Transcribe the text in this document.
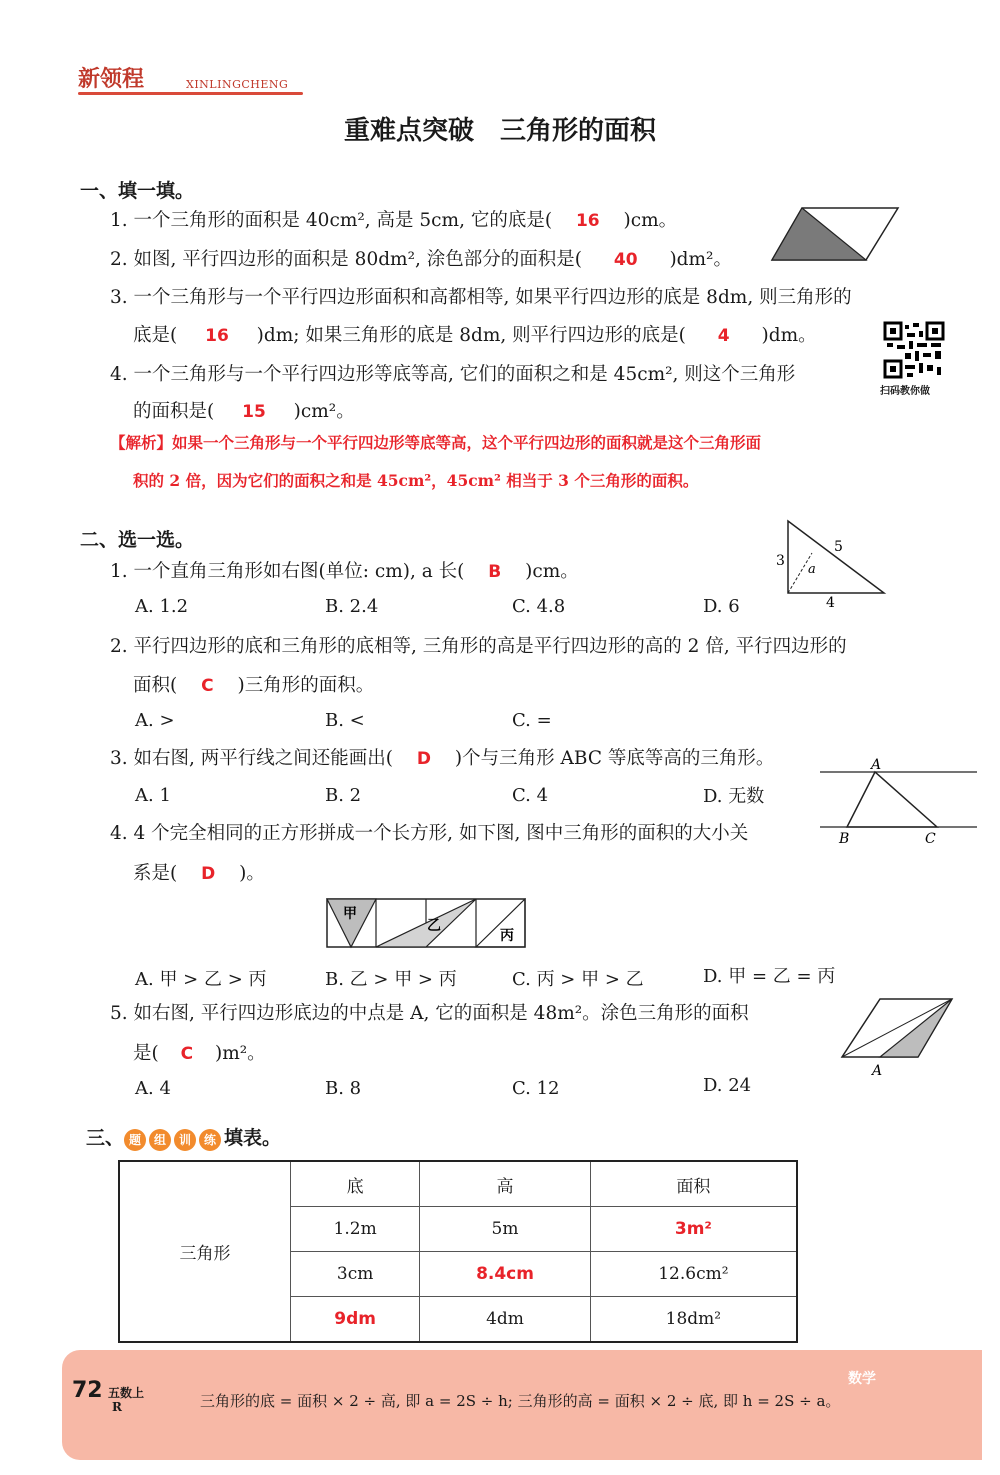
新领程	XINLINGCHENG
重难点突破　三角形的面积
一、填一填。
1. 一个三角形的面积是 40cm², 高是 5cm, 它的底是( 16 )cm。
2. 如图, 平行四边形的面积是 80dm², 涂色部分的面积是( 40 )dm²。
3. 一个三角形与一个平行四边形面积和高都相等, 如果平行四边形的底是 8dm, 则三角形的
底是( 16 )dm; 如果三角形的底是 8dm, 则平行四边形的底是( 4 )dm。
扫码教你做
4. 一个三角形与一个平行四边形等底等高, 它们的面积之和是 45cm², 则这个三角形
的面积是( 15 )cm²。
【解析】如果一个三角形与一个平行四边形等底等高，这个平行四边形的面积就是这个三角形面
积的 2 倍，因为它们的面积之和是 45cm²，45cm² 相当于 3 个三角形的面积。
二、选一选。
1. 一个直角三角形如右图(单位: cm), a 长( B )cm。
A. 1.2	B. 2.4	C. 4.8	D. 6
3
5
4
a
2. 平行四边形的底和三角形的底相等, 三角形的高是平行四边形的高的 2 倍, 平行四边形的
面积( C )三角形的面积。
A. >	B. <	C. =
3. 如右图, 两平行线之间还能画出( D )个与三角形 ABC 等底等高的三角形。
A. 1	B. 2	C. 4	D. 无数
A
B	C
4. 4 个完全相同的正方形拼成一个长方形, 如下图, 图中三角形的面积的大小关
系是( D )。
甲
乙
丙
A. 甲 > 乙 > 丙	B. 乙 > 甲 > 丙	C. 丙 > 甲 > 乙	D. 甲 = 乙 = 丙
5. 如右图, 平行四边形底边的中点是 A, 它的面积是 48m²。涂色三角形的面积
是( C )m²。
A. 4	B. 8	C. 12	D. 24
A
三、 题 组 训 练 填表。
三角形	底	高	面积
	1.2m	5m	3m²
	3cm	8.4cm	12.6cm²
	9dm	4dm	18dm²
72 五数上
R	三角形的底 = 面积 × 2 ÷ 高, 即 a = 2S ÷ h; 三角形的高 = 面积 × 2 ÷ 底, 即 h = 2S ÷ a。
数学
